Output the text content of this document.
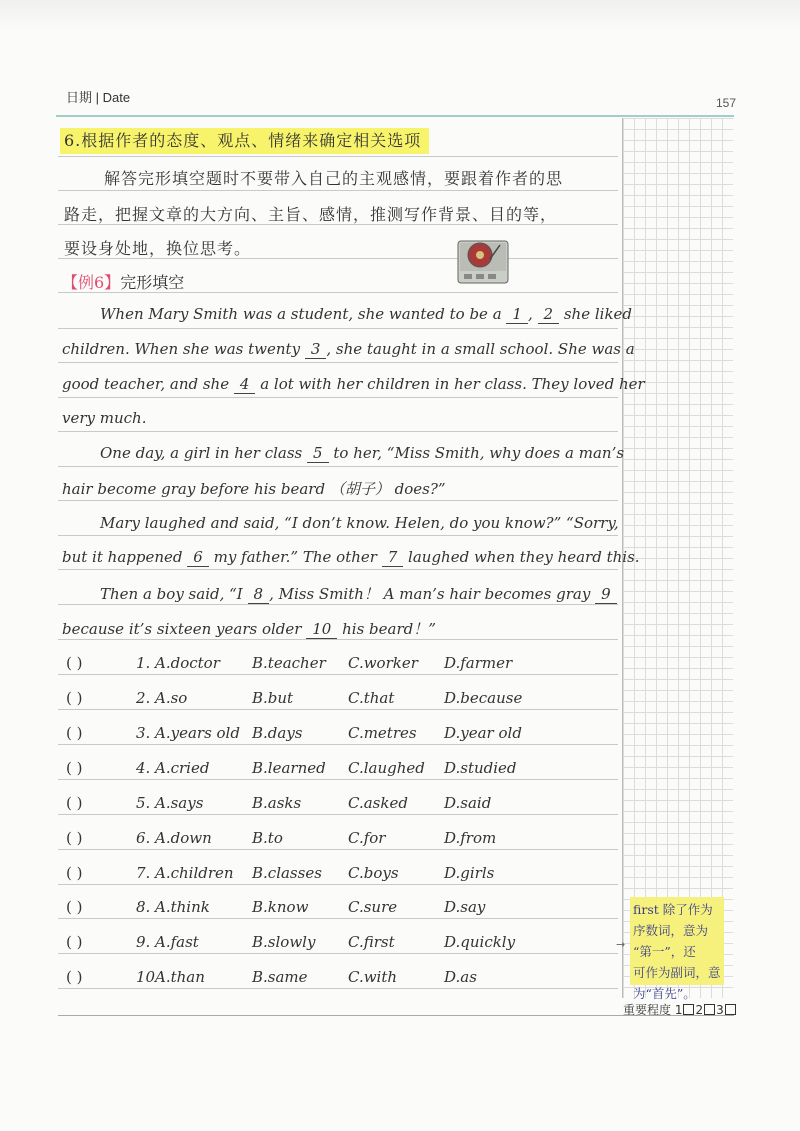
日期 | Date	157
6.根据作者的态度、观点、情绪来确定相关选项
解答完形填空题时不要带入自己的主观感情，要跟着作者的思
路走，把握文章的大方向、主旨、感情，推测写作背景、目的等，
要设身处地，换位思考。
【例6】完形填空
When Mary Smith was a student, she wanted to be a 1 , 2 she liked
children. When she was twenty 3 , she taught in a small school. She was a
good teacher, and she 4 a lot with her children in her class. They loved her
very much.
One day, a girl in her class 5 to her, “Miss Smith, why does a man’s
hair become gray before his beard （胡子） does?”
Mary laughed and said, “I don’t know. Helen, do you know?” “Sorry,
but it happened 6 my father.” The other 7 laughed when they heard this.
Then a boy said, “I 8 , Miss Smith！ A man’s hair becomes gray 9
because it’s sixteen years older 10 his beard！”
( )	1. A.doctor B.teacher C.worker D.farmer
( )	2. A.so	B.but	C.that	D.because
( )	3. A.years old B.days	C.metres D.year old
( )	4. A.cried	B.learned C.laughed D.studied
( )	5. A.says	B.asks	C.asked D.said
( )	6. A.down	B.to	C.for	D.from
( )	7. A.children B.classes C.boys	D.girls
( )	8. A.think	B.know	C.sure	D.say
( )	9. A.fast	B.slowly C.first	D.quickly
( )	10 A.than	B.same	C.with	D.as
→
first 除了作为
序数词，意为
“第一”，还
可作为副词，意为“首先”。
重要程度 1 2 3
